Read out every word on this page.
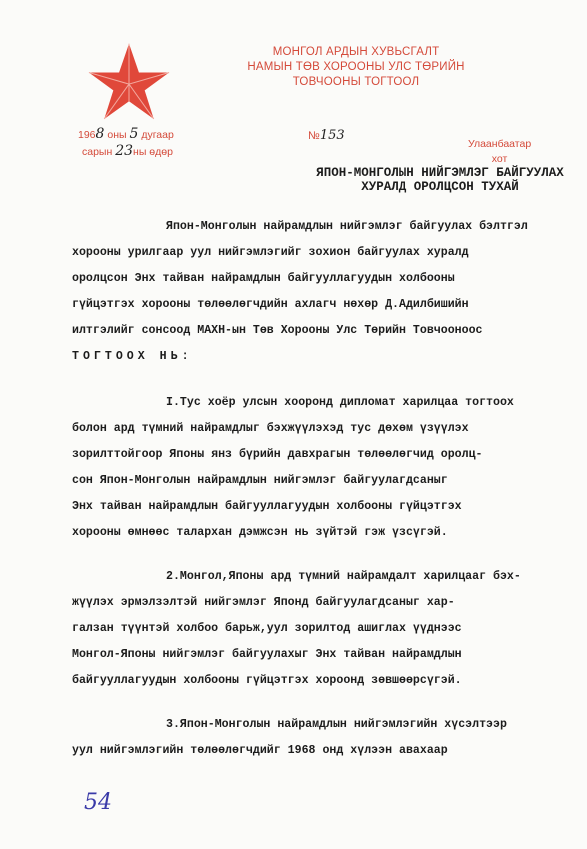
МОНГОЛ АРДЫН ХУВЬСГАЛТ
НАМЫН ТӨВ ХОРООНЫ УЛС ТӨРИЙН
ТОВЧООНЫ ТОГТООЛ
1968 оны 5 дугаар
сарын 23ны өдөр
№153
Улаанбаатар
хот
ЯПОН-МОНГОЛЫН НИЙГЭМЛЭГ БАЙГУУЛАХ
ХУРАЛД ОРОЛЦСОН ТУХАЙ
Япон-Монголын найрамдлын нийгэмлэг байгуулах бэлтгэл
хорооны урилгаар уул нийгэмлэгийг зохион байгуулах хуралд
оролцсон Энх тайван найрамдлын байгууллагуудын холбооны
гүйцэтгэх хорооны төлөөлөгчдийн ахлагч нөхөр Д.Адилбишийн
илтгэлийг сонсоод МАХН-ын Төв Хорооны Улс Төрийн Товчооноос
ТОГТООХ НЬ:
I.Тус хоёр улсын хооронд дипломат харилцаа тогтоох
болон ард түмний найрамдлыг бэхжүүлэхэд тус дөхөм үзүүлэх
зорилттойгоор Японы янз бүрийн давхрагын төлөөлөгчид оролц-
сон Япон-Монголын найрамдлын нийгэмлэг байгуулагдсаныг
Энх тайван найрамдлын байгууллагуудын холбооны гүйцэтгэх
хорооны өмнөөс талархан дэмжсэн нь зүйтэй гэж үзсүгэй.
2.Монгол,Японы ард түмний найрамдалт харилцааг бэх-
жүүлэх эрмэлзэлтэй нийгэмлэг Японд байгуулагдсаныг хар-
галзан түүнтэй холбоо барьж,уул зорилтод ашиглах үүднээс
Монгол-Японы нийгэмлэг байгуулахыг Энх тайван найрамдлын
байгууллагуудын холбооны гүйцэтгэх хороонд зөвшөөрсүгэй.
3.Япон-Монголын найрамдлын нийгэмлэгийн хүсэлтээр
уул нийгэмлэгийн төлөөлөгчдийг 1968 онд хүлээн авахаар
54
